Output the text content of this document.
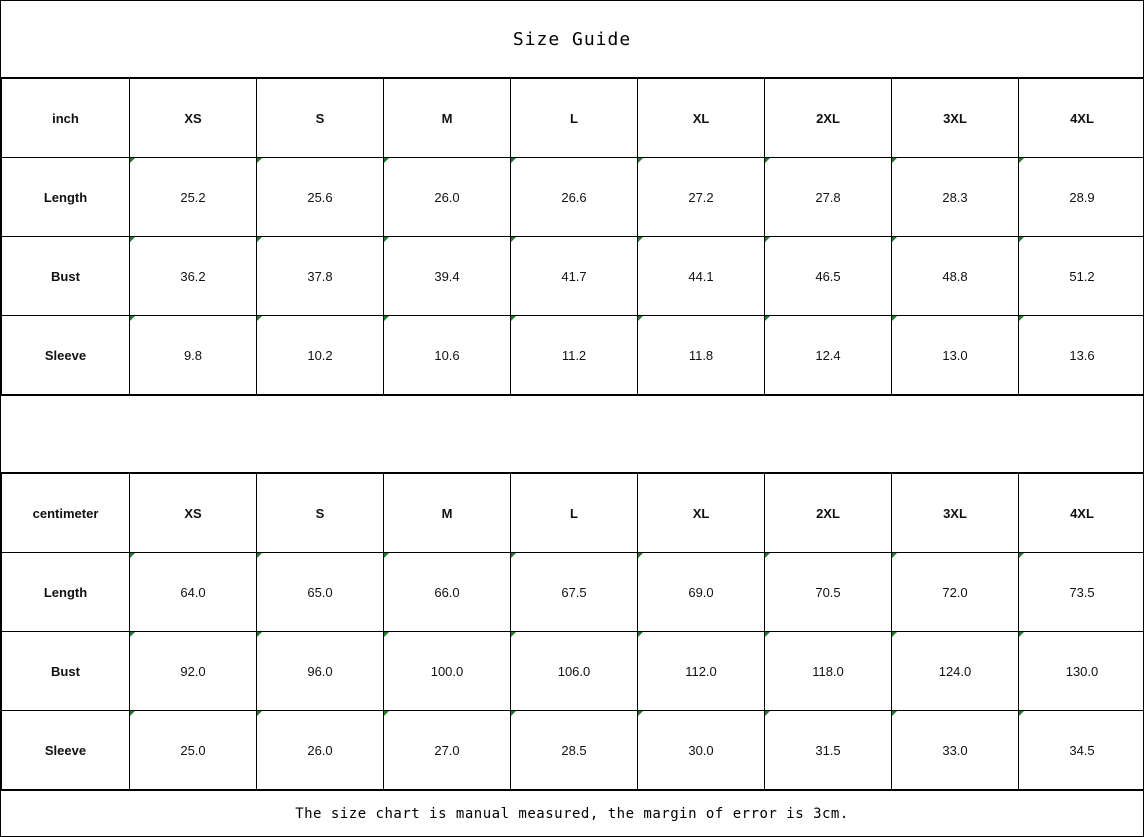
Size Guide
inch	XS	S	M	L	XL	2XL	3XL	4XL
Length	25.2	25.6	26.0	26.6	27.2	27.8	28.3	28.9
Bust	36.2	37.8	39.4	41.7	44.1	46.5	48.8	51.2
Sleeve	9.8	10.2	10.6	11.2	11.8	12.4	13.0	13.6
centimeter	XS	S	M	L	XL	2XL	3XL	4XL
Length	64.0	65.0	66.0	67.5	69.0	70.5	72.0	73.5
Bust	92.0	96.0	100.0	106.0	112.0	118.0	124.0	130.0
Sleeve	25.0	26.0	27.0	28.5	30.0	31.5	33.0	34.5
The size chart is manual measured, the margin of error is 3cm.
